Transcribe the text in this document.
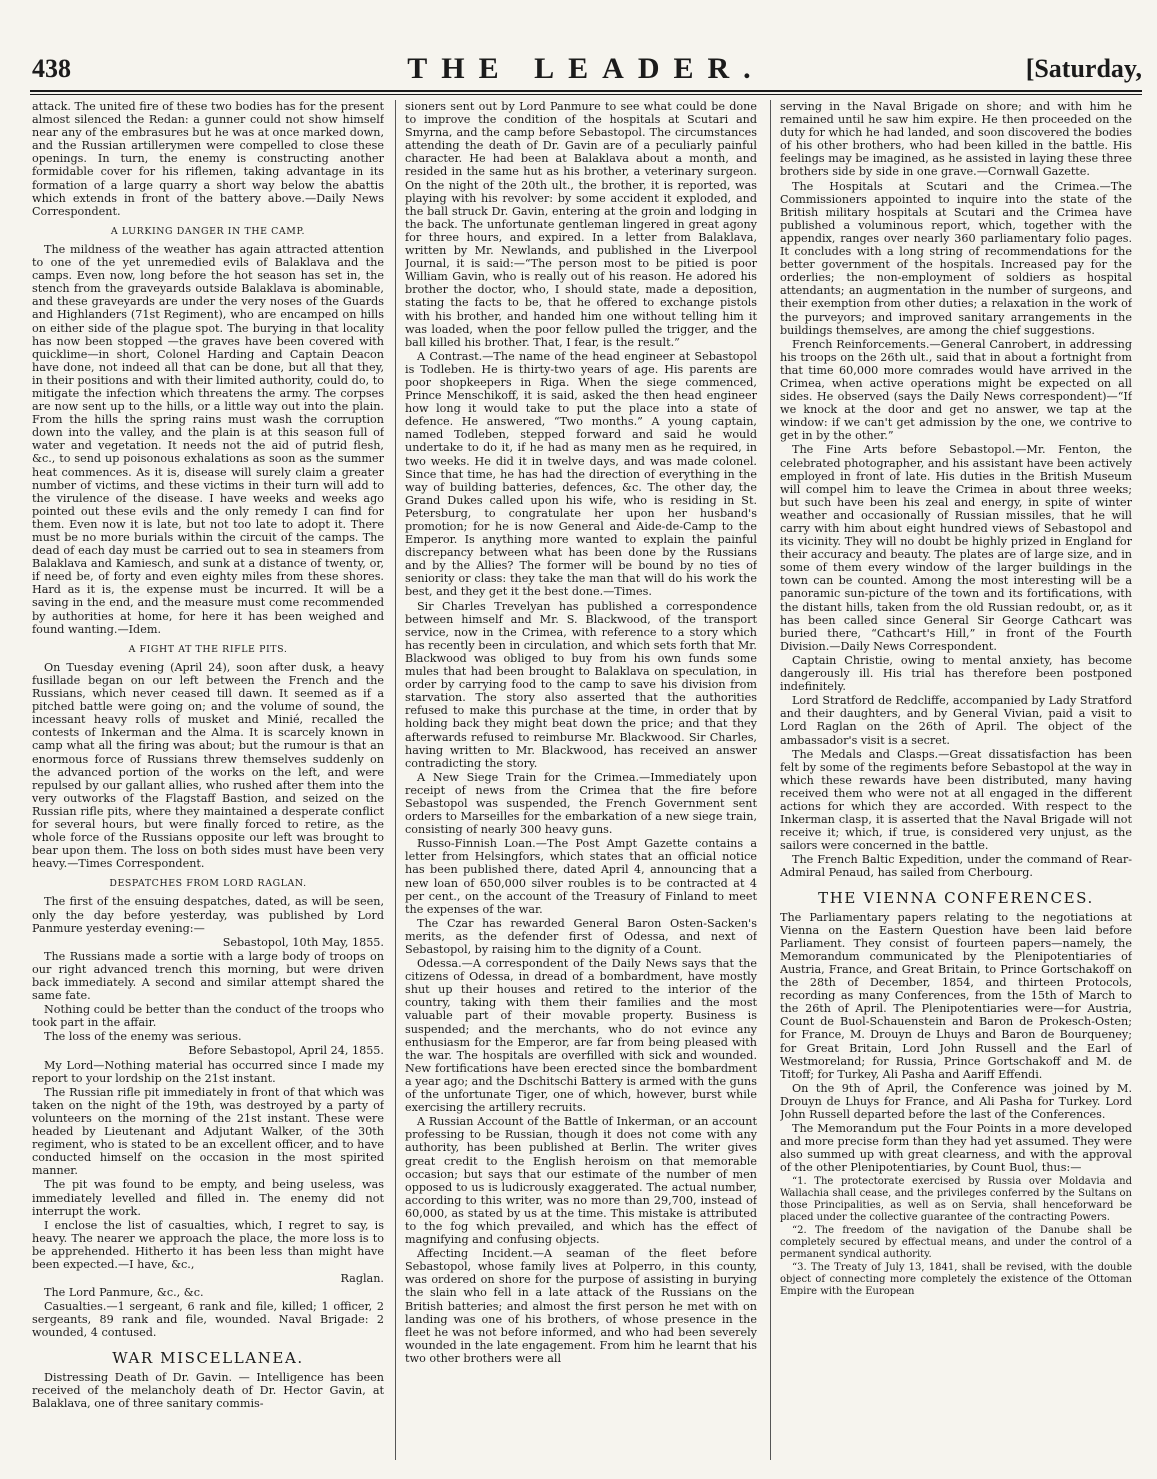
438	THE LEADER.	[Saturday,

attack. The united fire of these two bodies has for the present almost silenced the Redan: a gunner could not show himself near any of the embrasures but he was at once marked down, and the Russian artillerymen were compelled to close these openings. In turn, the enemy is constructing another formidable cover for his riflemen, taking advantage in its formation of a large quarry a short way below the abattis which extends in front of the battery above.—Daily News Correspondent.

A LURKING DANGER IN THE CAMP.

The mildness of the weather has again attracted attention to one of the yet unremedied evils of Balaklava and the camps. Even now, long before the hot season has set in, the stench from the graveyards outside Balaklava is abominable, and these graveyards are under the very noses of the Guards and Highlanders (71st Regiment), who are encamped on hills on either side of the plague spot. The burying in that locality has now been stopped —the graves have been covered with quicklime—in short, Colonel Harding and Captain Deacon have done, not indeed all that can be done, but all that they, in their positions and with their limited authority, could do, to mitigate the infection which threatens the army. The corpses are now sent up to the hills, or a little way out into the plain. From the hills the spring rains must wash the corruption down into the valley, and the plain is at this season full of water and vegetation. It needs not the aid of putrid flesh, &c., to send up poisonous exhalations as soon as the summer heat commences. As it is, disease will surely claim a greater number of victims, and these victims in their turn will add to the virulence of the disease. I have weeks and weeks ago pointed out these evils and the only remedy I can find for them. Even now it is late, but not too late to adopt it. There must be no more burials within the circuit of the camps. The dead of each day must be carried out to sea in steamers from Balaklava and Kamiesch, and sunk at a distance of twenty, or, if need be, of forty and even eighty miles from these shores. Hard as it is, the expense must be incurred. It will be a saving in the end, and the measure must come recommended by authorities at home, for here it has been weighed and found wanting.—Idem.

A FIGHT AT THE RIFLE PITS.

On Tuesday evening (April 24), soon after dusk, a heavy fusillade began on our left between the French and the Russians, which never ceased till dawn. It seemed as if a pitched battle were going on; and the volume of sound, the incessant heavy rolls of musket and Minié, recalled the contests of Inkerman and the Alma. It is scarcely known in camp what all the firing was about; but the rumour is that an enormous force of Russians threw themselves suddenly on the advanced portion of the works on the left, and were repulsed by our gallant allies, who rushed after them into the very outworks of the Flagstaff Bastion, and seized on the Russian rifle pits, where they maintained a desperate conflict for several hours, but were finally forced to retire, as the whole force of the Russians opposite our left was brought to bear upon them. The loss on both sides must have been very heavy.—Times Correspondent.

DESPATCHES FROM LORD RAGLAN.

The first of the ensuing despatches, dated, as will be seen, only the day before yesterday, was published by Lord Panmure yesterday evening:—

Sebastopol, 10th May, 1855.

The Russians made a sortie with a large body of troops on our right advanced trench this morning, but were driven back immediately. A second and similar attempt shared the same fate.

Nothing could be better than the conduct of the troops who took part in the affair.

The loss of the enemy was serious.

Before Sebastopol, April 24, 1855.

My Lord—Nothing material has occurred since I made my report to your lordship on the 21st instant.

The Russian rifle pit immediately in front of that which was taken on the night of the 19th, was destroyed by a party of volunteers on the morning of the 21st instant. These were headed by Lieutenant and Adjutant Walker, of the 30th regiment, who is stated to be an excellent officer, and to have conducted himself on the occasion in the most spirited manner.

The pit was found to be empty, and being useless, was immediately levelled and filled in. The enemy did not interrupt the work.

I enclose the list of casualties, which, I regret to say, is heavy. The nearer we approach the place, the more loss is to be apprehended. Hitherto it has been less than might have been expected.—I have, &c.,

Raglan.

The Lord Panmure, &c., &c.

Casualties.—1 sergeant, 6 rank and file, killed; 1 officer, 2 sergeants, 89 rank and file, wounded. Naval Brigade: 2 wounded, 4 contused.

WAR MISCELLANEA.

Distressing Death of Dr. Gavin. — Intelligence has been received of the melancholy death of Dr. Hector Gavin, at Balaklava, one of three sanitary commis-

sioners sent out by Lord Panmure to see what could be done to improve the condition of the hospitals at Scutari and Smyrna, and the camp before Sebastopol. The circumstances attending the death of Dr. Gavin are of a peculiarly painful character. He had been at Balaklava about a month, and resided in the same hut as his brother, a veterinary surgeon. On the night of the 20th ult., the brother, it is reported, was playing with his revolver: by some accident it exploded, and the ball struck Dr. Gavin, entering at the groin and lodging in the back. The unfortunate gentleman lingered in great agony for three hours, and expired. In a letter from Balaklava, written by Mr. Newlands, and published in the Liverpool Journal, it is said:—“The person most to be pitied is poor William Gavin, who is really out of his reason. He adored his brother the doctor, who, I should state, made a deposition, stating the facts to be, that he offered to exchange pistols with his brother, and handed him one without telling him it was loaded, when the poor fellow pulled the trigger, and the ball killed his brother. That, I fear, is the result.”

A Contrast.—The name of the head engineer at Sebastopol is Todleben. He is thirty-two years of age. His parents are poor shopkeepers in Riga. When the siege commenced, Prince Menschikoff, it is said, asked the then head engineer how long it would take to put the place into a state of defence. He answered, “Two months.” A young captain, named Todleben, stepped forward and said he would undertake to do it, if he had as many men as he required, in two weeks. He did it in twelve days, and was made colonel. Since that time, he has had the direction of everything in the way of building batteries, defences, &c. The other day, the Grand Dukes called upon his wife, who is residing in St. Petersburg, to congratulate her upon her husband's promotion; for he is now General and Aide-de-Camp to the Emperor. Is anything more wanted to explain the painful discrepancy between what has been done by the Russians and by the Allies? The former will be bound by no ties of seniority or class: they take the man that will do his work the best, and they get it the best done.—Times.

Sir Charles Trevelyan has published a correspondence between himself and Mr. S. Blackwood, of the transport service, now in the Crimea, with reference to a story which has recently been in circulation, and which sets forth that Mr. Blackwood was obliged to buy from his own funds some mules that had been brought to Balaklava on speculation, in order by carrying food to the camp to save his division from starvation. The story also asserted that the authorities refused to make this purchase at the time, in order that by holding back they might beat down the price; and that they afterwards refused to reimburse Mr. Blackwood. Sir Charles, having written to Mr. Blackwood, has received an answer contradicting the story.

A New Siege Train for the Crimea.—Immediately upon receipt of news from the Crimea that the fire before Sebastopol was suspended, the French Government sent orders to Marseilles for the embarkation of a new siege train, consisting of nearly 300 heavy guns.

Russo-Finnish Loan.—The Post Ampt Gazette contains a letter from Helsingfors, which states that an official notice has been published there, dated April 4, announcing that a new loan of 650,000 silver roubles is to be contracted at 4 per cent., on the account of the Treasury of Finland to meet the expenses of the war.

The Czar has rewarded General Baron Osten-Sacken's merits, as the defender first of Odessa, and next of Sebastopol, by raising him to the dignity of a Count.

Odessa.—A correspondent of the Daily News says that the citizens of Odessa, in dread of a bombardment, have mostly shut up their houses and retired to the interior of the country, taking with them their families and the most valuable part of their movable property. Business is suspended; and the merchants, who do not evince any enthusiasm for the Emperor, are far from being pleased with the war. The hospitals are overfilled with sick and wounded. New fortifications have been erected since the bombardment a year ago; and the Dschitschi Battery is armed with the guns of the unfortunate Tiger, one of which, however, burst while exercising the artillery recruits.

A Russian Account of the Battle of Inkerman, or an account professing to be Russian, though it does not come with any authority, has been published at Berlin. The writer gives great credit to the English heroism on that memorable occasion; but says that our estimate of the number of men opposed to us is ludicrously exaggerated. The actual number, according to this writer, was no more than 29,700, instead of 60,000, as stated by us at the time. This mistake is attributed to the fog which prevailed, and which has the effect of magnifying and confusing objects.

Affecting Incident.—A seaman of the fleet before Sebastopol, whose family lives at Polperro, in this county, was ordered on shore for the purpose of assisting in burying the slain who fell in a late attack of the Russians on the British batteries; and almost the first person he met with on landing was one of his brothers, of whose presence in the fleet he was not before informed, and who had been severely wounded in the late engagement. From him he learnt that his two other brothers were all

serving in the Naval Brigade on shore; and with him he remained until he saw him expire. He then proceeded on the duty for which he had landed, and soon discovered the bodies of his other brothers, who had been killed in the battle. His feelings may be imagined, as he assisted in laying these three brothers side by side in one grave.—Cornwall Gazette.

The Hospitals at Scutari and the Crimea.—The Commissioners appointed to inquire into the state of the British military hospitals at Scutari and the Crimea have published a voluminous report, which, together with the appendix, ranges over nearly 360 parliamentary folio pages. It concludes with a long string of recommendations for the better government of the hospitals. Increased pay for the orderlies; the non-employment of soldiers as hospital attendants; an augmentation in the number of surgeons, and their exemption from other duties; a relaxation in the work of the purveyors; and improved sanitary arrangements in the buildings themselves, are among the chief suggestions.

French Reinforcements.—General Canrobert, in addressing his troops on the 26th ult., said that in about a fortnight from that time 60,000 more comrades would have arrived in the Crimea, when active operations might be expected on all sides. He observed (says the Daily News correspondent)—“If we knock at the door and get no answer, we tap at the window: if we can't get admission by the one, we contrive to get in by the other.”

The Fine Arts before Sebastopol.—Mr. Fenton, the celebrated photographer, and his assistant have been actively employed in front of late. His duties in the British Museum will compel him to leave the Crimea in about three weeks; but such have been his zeal and energy, in spite of winter weather and occasionally of Russian missiles, that he will carry with him about eight hundred views of Sebastopol and its vicinity. They will no doubt be highly prized in England for their accuracy and beauty. The plates are of large size, and in some of them every window of the larger buildings in the town can be counted. Among the most interesting will be a panoramic sun-picture of the town and its fortifications, with the distant hills, taken from the old Russian redoubt, or, as it has been called since General Sir George Cathcart was buried there, “Cathcart's Hill,” in front of the Fourth Division.—Daily News Correspondent.

Captain Christie, owing to mental anxiety, has become dangerously ill. His trial has therefore been postponed indefinitely.

Lord Stratford de Redcliffe, accompanied by Lady Stratford and their daughters, and by General Vivian, paid a visit to Lord Raglan on the 26th of April. The object of the ambassador's visit is a secret.

The Medals and Clasps.—Great dissatisfaction has been felt by some of the regiments before Sebastopol at the way in which these rewards have been distributed, many having received them who were not at all engaged in the different actions for which they are accorded. With respect to the Inkerman clasp, it is asserted that the Naval Brigade will not receive it; which, if true, is considered very unjust, as the sailors were concerned in the battle.

The French Baltic Expedition, under the command of Rear-Admiral Penaud, has sailed from Cherbourg.

THE VIENNA CONFERENCES.

The Parliamentary papers relating to the negotiations at Vienna on the Eastern Question have been laid before Parliament. They consist of fourteen papers—namely, the Memorandum communicated by the Plenipotentiaries of Austria, France, and Great Britain, to Prince Gortschakoff on the 28th of December, 1854, and thirteen Protocols, recording as many Conferences, from the 15th of March to the 26th of April. The Plenipotentiaries were—for Austria, Count de Buol-Schauenstein and Baron de Prokesch-Osten; for France, M. Drouyn de Lhuys and Baron de Bourqueney; for Great Britain, Lord John Russell and the Earl of Westmoreland; for Russia, Prince Gortschakoff and M. de Titoff; for Turkey, Ali Pasha and Aariff Effendi.

On the 9th of April, the Conference was joined by M. Drouyn de Lhuys for France, and Ali Pasha for Turkey. Lord John Russell departed before the last of the Conferences.

The Memorandum put the Four Points in a more developed and more precise form than they had yet assumed. They were also summed up with great clearness, and with the approval of the other Plenipotentiaries, by Count Buol, thus:—

“1. The protectorate exercised by Russia over Moldavia and Wallachia shall cease, and the privileges conferred by the Sultans on those Principalities, as well as on Servia, shall henceforward be placed under the collective guarantee of the contracting Powers.

“2. The freedom of the navigation of the Danube shall be completely secured by effectual means, and under the control of a permanent syndical authority.

“3. The Treaty of July 13, 1841, shall be revised, with the double object of connecting more completely the existence of the Ottoman Empire with the European
